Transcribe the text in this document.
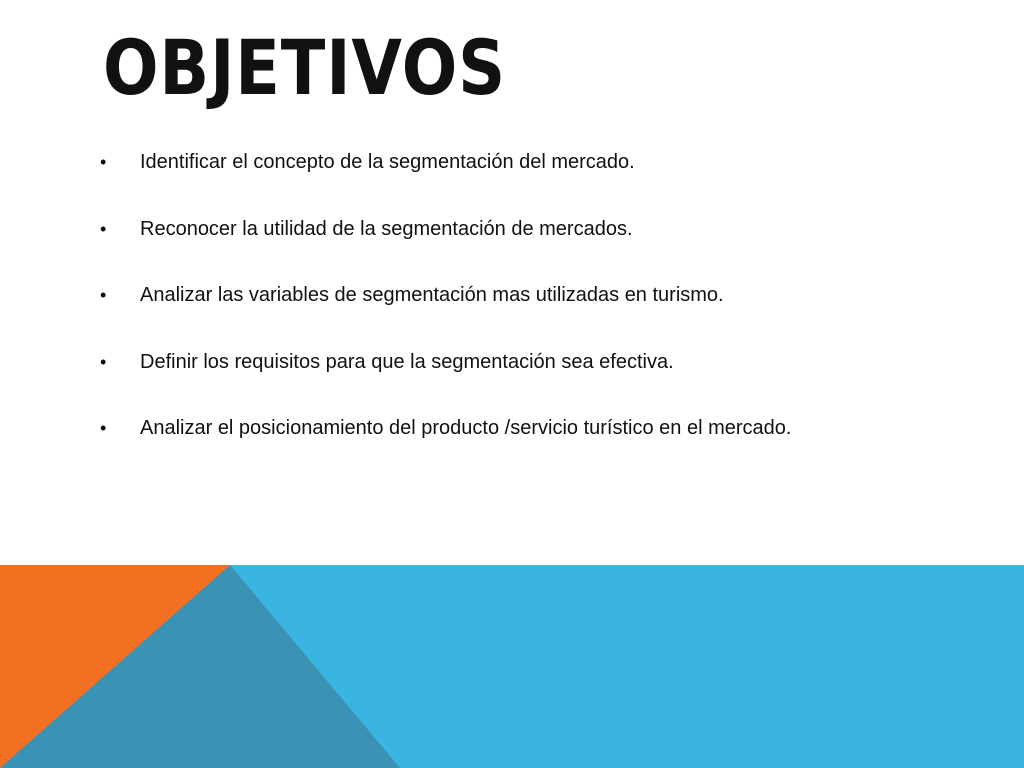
OBJETIVOS
•	Identificar el concepto de la segmentación del mercado.
•	Reconocer la utilidad de la segmentación de mercados.
•	Analizar las variables de segmentación mas utilizadas en turismo.
•	Definir los requisitos para que la segmentación sea efectiva.
•	Analizar el posicionamiento del producto /servicio turístico en el mercado.
